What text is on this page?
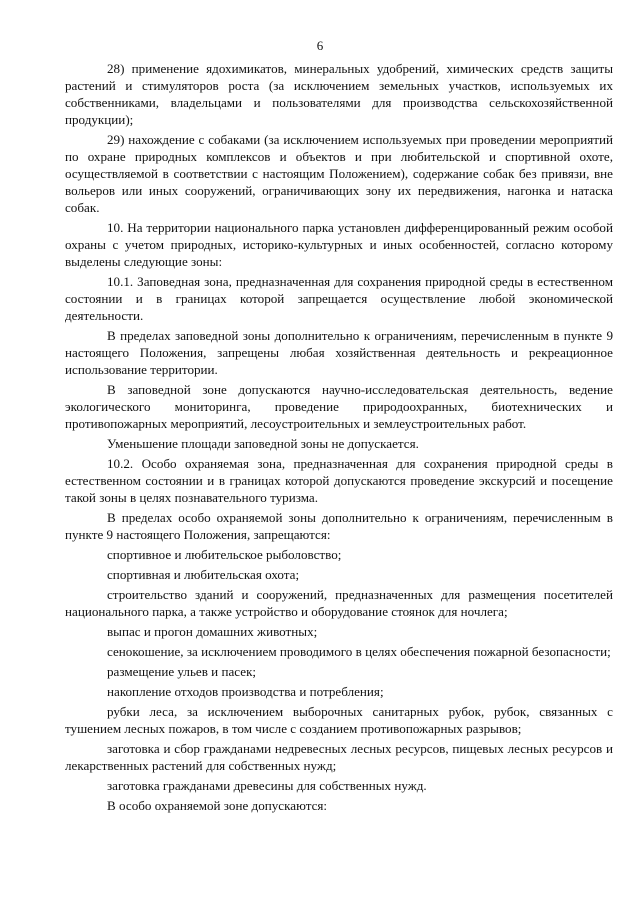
6

28) применение ядохимикатов, минеральных удобрений, химических средств защиты растений и стимуляторов роста (за исключением земельных участков, используемых их собственниками, владельцами и пользователями для производства сельскохозяйственной продукции);

29) нахождение с собаками (за исключением используемых при проведении мероприятий по охране природных комплексов и объектов и при любительской и спортивной охоте, осуществляемой в соответствии с настоящим Положением), содержание собак без привязи, вне вольеров или иных сооружений, ограничивающих зону их передвижения, нагонка и натаска собак.

10. На территории национального парка установлен дифференцированный режим особой охраны с учетом природных, историко-культурных и иных особенностей, согласно которому выделены следующие зоны:

10.1. Заповедная зона, предназначенная для сохранения природной среды в естественном состоянии и в границах которой запрещается осуществление любой экономической деятельности.

В пределах заповедной зоны дополнительно к ограничениям, перечисленным в пункте 9 настоящего Положения, запрещены любая хозяйственная деятельность и рекреационное использование территории.

В заповедной зоне допускаются научно-исследовательская деятельность, ведение экологического мониторинга, проведение природоохранных, биотехнических и противопожарных мероприятий, лесоустроительных и землеустроительных работ.

Уменьшение площади заповедной зоны не допускается.

10.2. Особо охраняемая зона, предназначенная для сохранения природной среды в естественном состоянии и в границах которой допускаются проведение экскурсий и посещение такой зоны в целях познавательного туризма.

В пределах особо охраняемой зоны дополнительно к ограничениям, перечисленным в пункте 9 настоящего Положения, запрещаются:

спортивное и любительское рыболовство;

спортивная и любительская охота;

строительство зданий и сооружений, предназначенных для размещения посетителей национального парка, а также устройство и оборудование стоянок для ночлега;

выпас и прогон домашних животных;

сенокошение, за исключением проводимого в целях обеспечения пожарной безопасности;

размещение ульев и пасек;

накопление отходов производства и потребления;

рубки леса, за исключением выборочных санитарных рубок, рубок, связанных с тушением лесных пожаров, в том числе с созданием противопожарных разрывов;

заготовка и сбор гражданами недревесных лесных ресурсов, пищевых лесных ресурсов и лекарственных растений для собственных нужд;

заготовка гражданами древесины для собственных нужд.

В особо охраняемой зоне допускаются:
